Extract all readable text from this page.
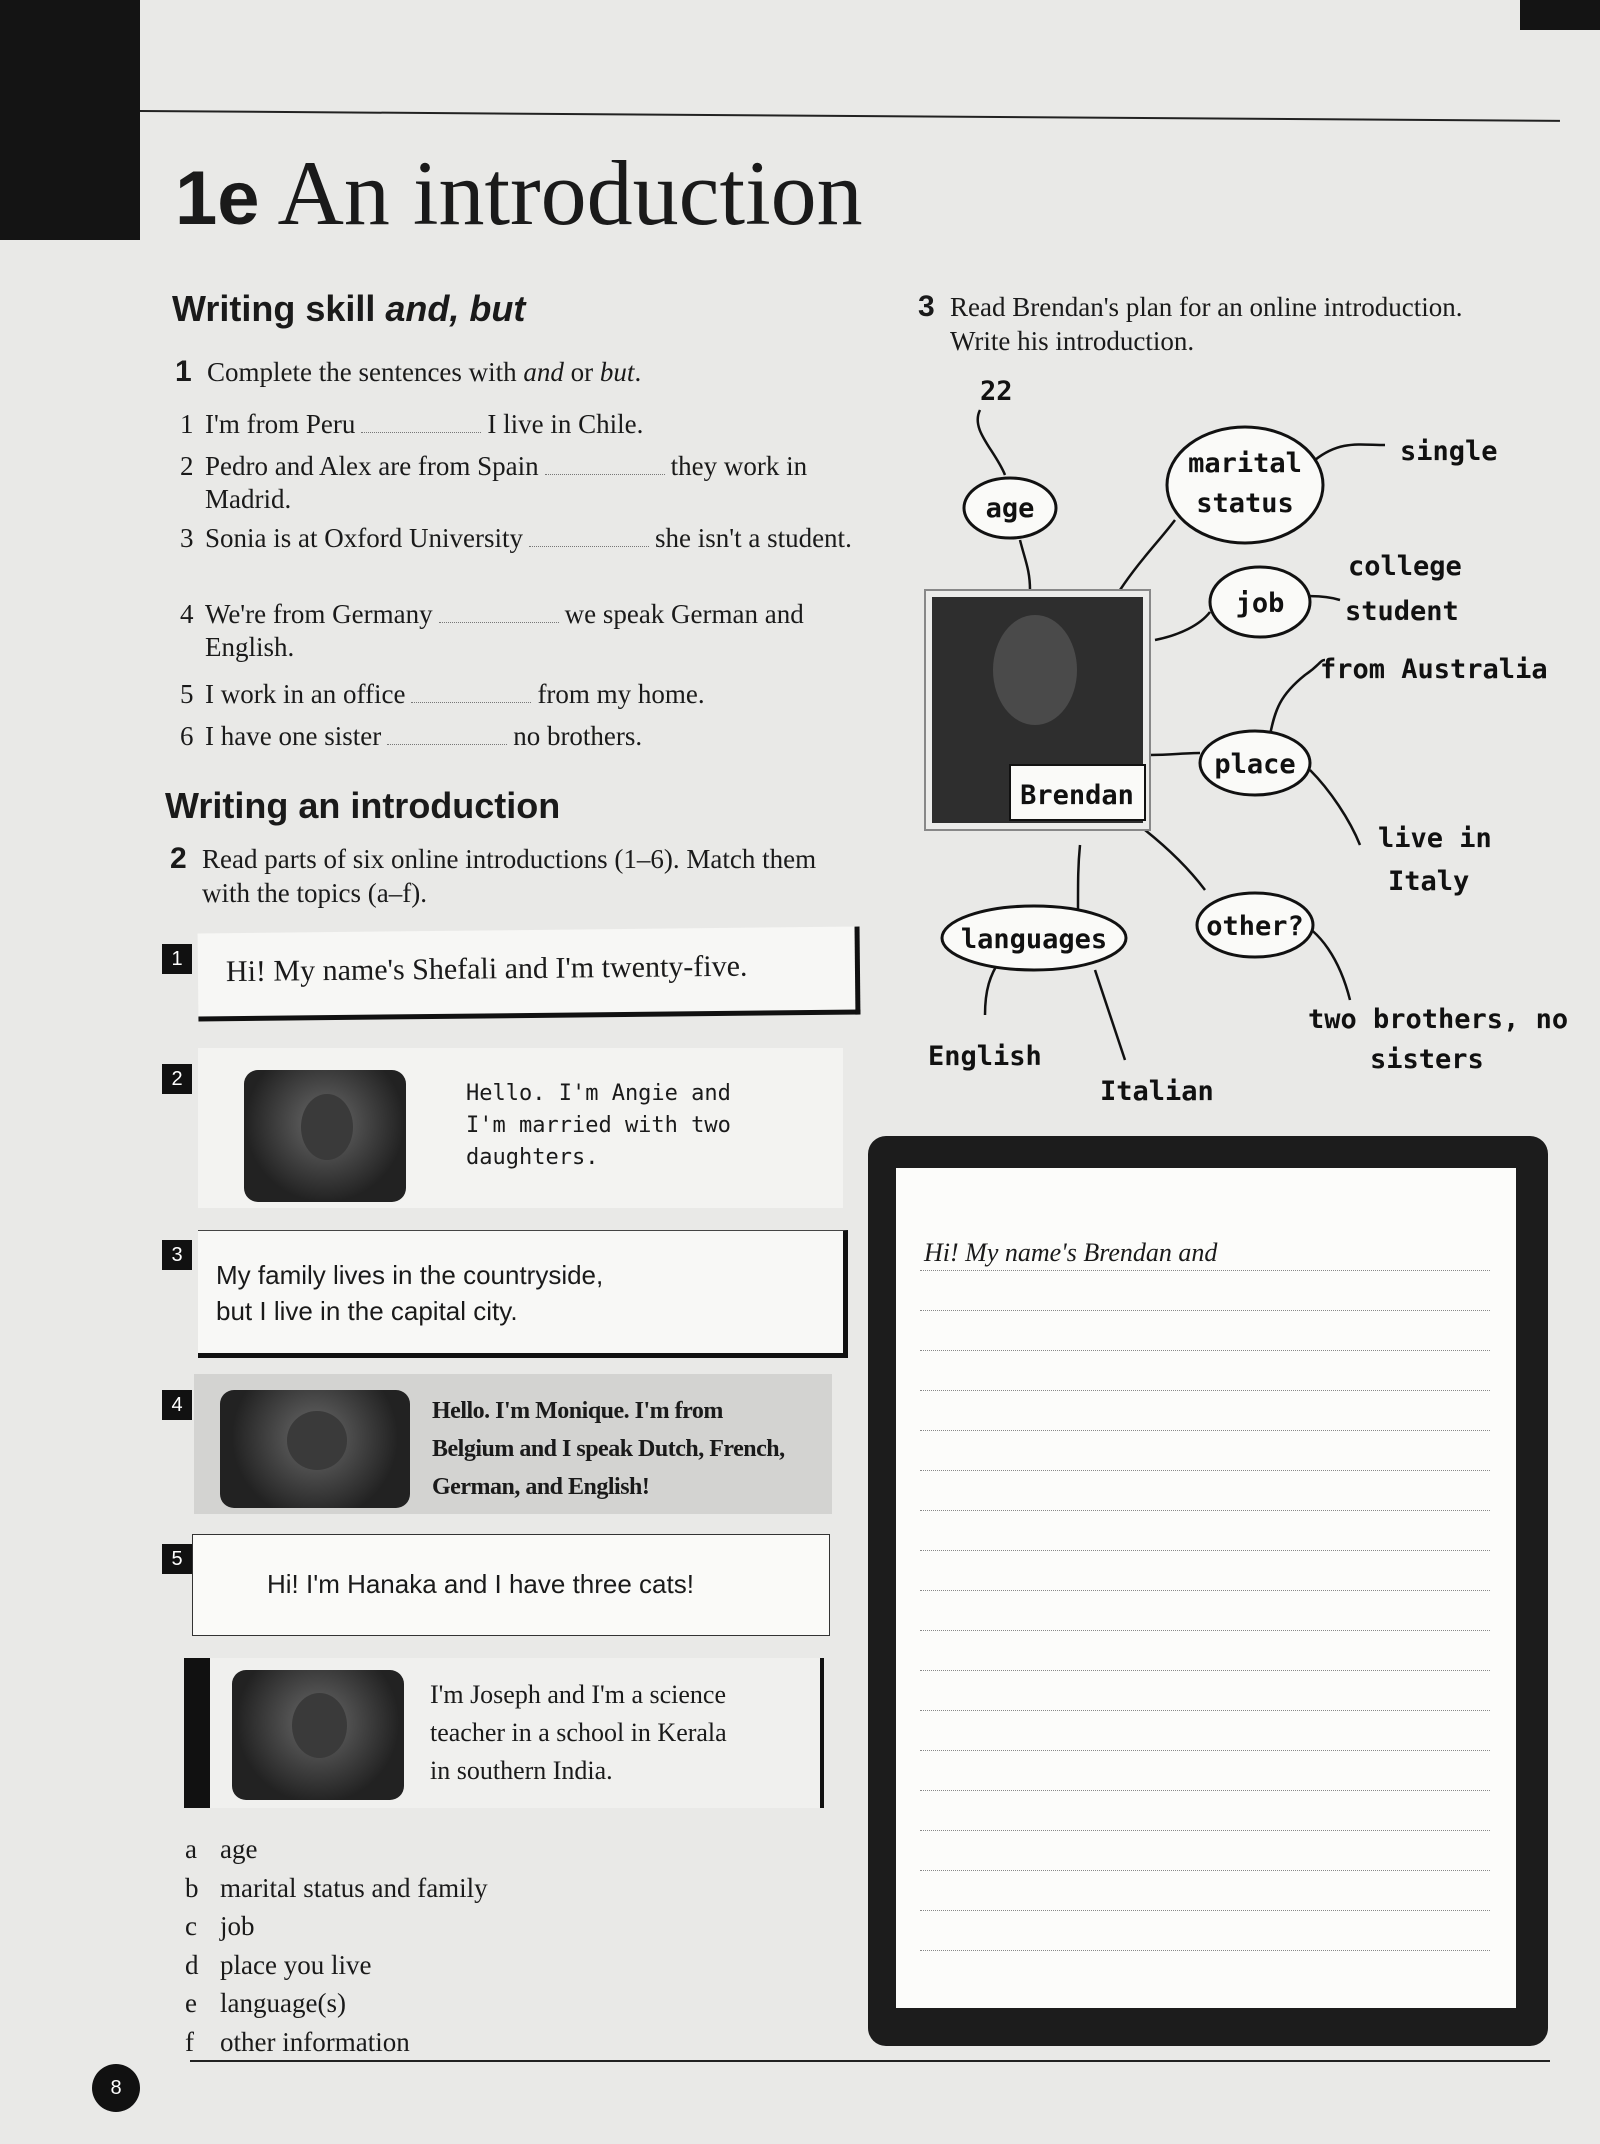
1e An introduction
Writing skill and, but
1 Complete the sentences with and or but.
1 I'm from Peru	I live in Chile.
2 Pedro and Alex are from Spain	they work in Madrid.
3 Sonia is at Oxford University	she isn't a student.
4 We're from Germany	we speak German and English.
5 I work in an office	from my home.
6 I have one sister	no brothers.
Writing an introduction
2 Read parts of six online introductions (1–6). Match them with the topics (a–f).
1	Hi! My name's Shefali and I'm twenty-five.
2
Hello. I'm Angie and
I'm married with two
daughters.
3
My family lives in the countryside,
but I live in the capital city.
4	Hello. I'm Monique. I'm from
Belgium and I speak Dutch, French,
German, and English!
5
Hi! I'm Hanaka and I have three cats!
I'm Joseph and I'm a science
teacher in a school in Kerala
in southern India.
a age
b marital status and family
c job
d place you live
e language(s)
f other information
3 Read Brendan's plan for an online introduction.
Write his introduction.
22
age
marital
status
single
job
college
student
from Australia
place
live in
Italy
Brendan
languages	other?
English
Italian
two brothers, no
sisters
Hi! My name's Brendan and
8
